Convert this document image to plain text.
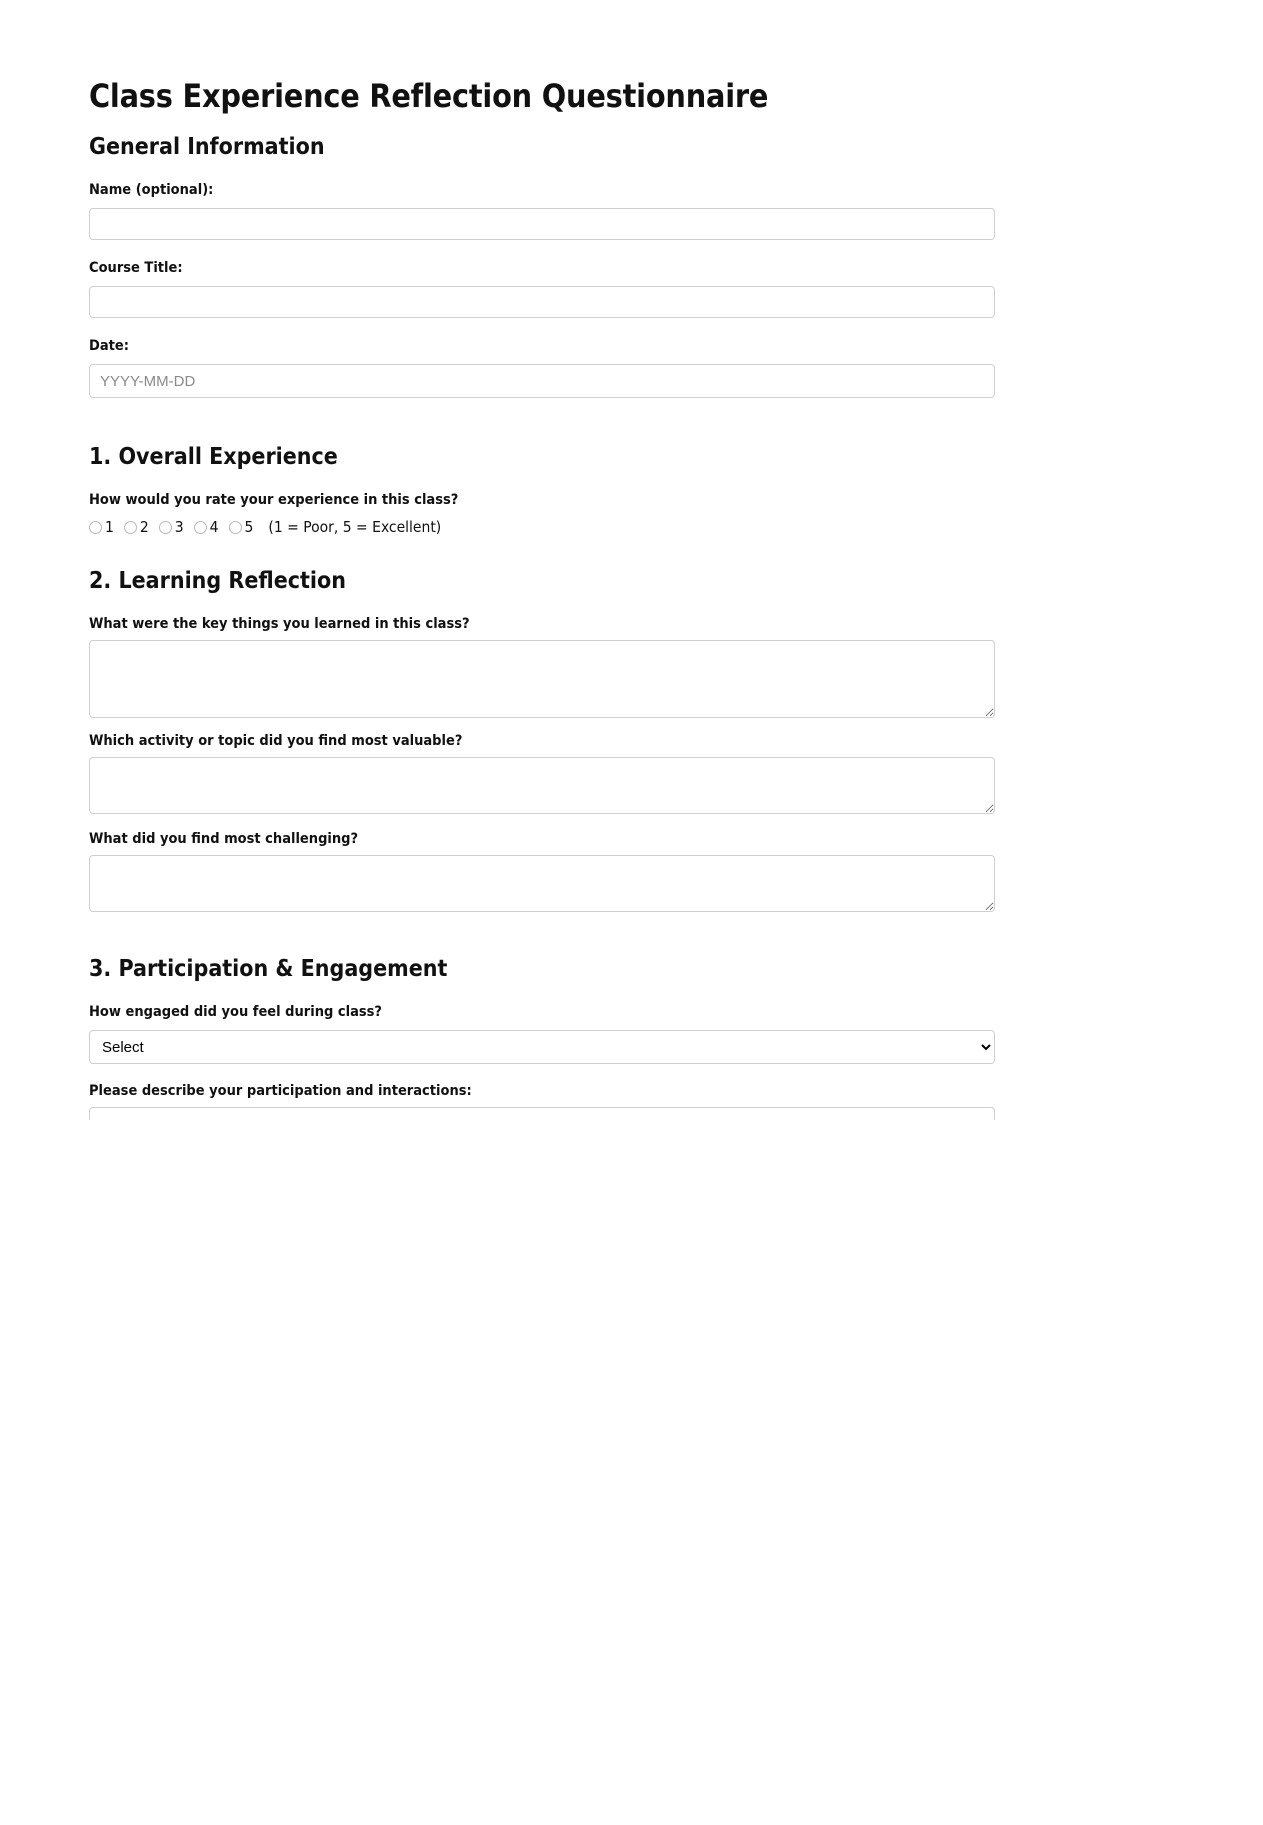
Class Experience Reflection Questionnaire
General Information
Name (optional):
Course Title:
Date:
YYYY-MM-DD
1. Overall Experience
How would you rate your experience in this class?
1 2 3 4 5 (1 = Poor, 5 = Excellent)
2. Learning Reflection
What were the key things you learned in this class?
Which activity or topic did you find most valuable?
What did you find most challenging?
3. Participation & Engagement
How engaged did you feel during class?
Select
Please describe your participation and interactions:
